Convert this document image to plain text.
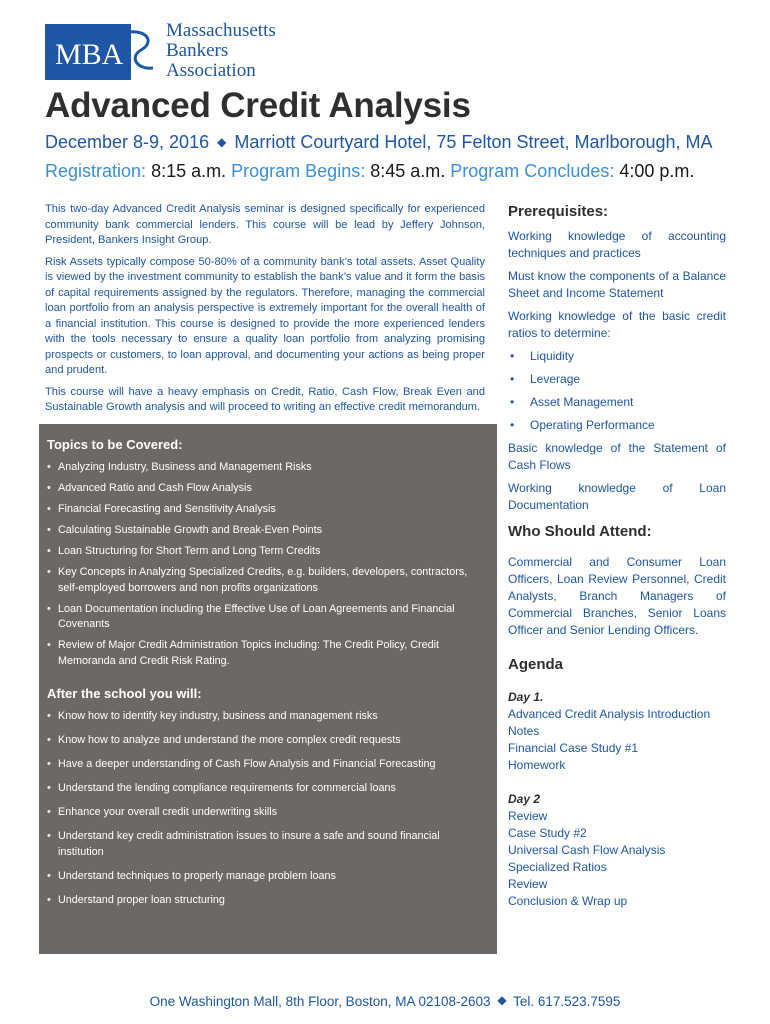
MBA
Massachusetts
Bankers
Association
Advanced Credit Analysis
December 8-9, 2016 ◆ Marriott Courtyard Hotel, 75 Felton Street, Marlborough, MA
Registration: 8:15 a.m. Program Begins: 8:45 a.m. Program Concludes: 4:00 p.m.

This two-day Advanced Credit Analysis seminar is designed specifically for experienced community bank commercial lenders. This course will be lead by Jeffery Johnson, President, Bankers Insight Group.

Risk Assets typically compose 50-80% of a community bank’s total assets. Asset Quality is viewed by the investment community to establish the bank’s value and it form the basis of capital requirements assigned by the regulators. Therefore, managing the commercial loan portfolio from an analysis perspective is extremely important for the overall health of a financial institution. This course is designed to provide the more experienced lenders with the tools necessary to ensure a quality loan portfolio from analyzing promising prospects or customers, to loan approval, and documenting your actions as being proper and prudent.

This course will have a heavy emphasis on Credit, Ratio, Cash Flow, Break Even and Sustainable Growth analysis and will proceed to writing an effective credit memorandum.

Topics to be Covered:
• Analyzing Industry, Business and Management Risks
• Advanced Ratio and Cash Flow Analysis
• Financial Forecasting and Sensitivity Analysis
• Calculating Sustainable Growth and Break-Even Points
• Loan Structuring for Short Term and Long Term Credits
• Key Concepts in Analyzing Specialized Credits, e.g. builders, developers, contractors, self-employed borrowers and non profits organizations
• Loan Documentation including the Effective Use of Loan Agreements and Financial Covenants
• Review of Major Credit Administration Topics including: The Credit Policy, Credit Memoranda and Credit Risk Rating.
After the school you will:
• Know how to identify key industry, business and management risks
• Know how to analyze and understand the more complex credit requests
• Have a deeper understanding of Cash Flow Analysis and Financial Forecasting
• Understand the lending compliance requirements for commercial loans
• Enhance your overall credit underwriting skills
• Understand key credit administration issues to insure a safe and sound financial institution
• Understand techniques to properly manage problem loans
• Understand proper loan structuring
Prerequisites:

Working knowledge of accounting techniques and practices

Must know the components of a Balance Sheet and Income Statement

Working knowledge of the basic credit ratios to determine:

• Liquidity
• Leverage
• Asset Management
• Operating Performance

Basic knowledge of the Statement of Cash Flows

Working knowledge of Loan Documentation

Who Should Attend:

Commercial and Consumer Loan Officers, Loan Review Personnel, Credit Analysts, Branch Managers of Commercial Branches, Senior Loans Officer and Senior Lending Officers.

Agenda
Day 1.
Advanced Credit Analysis Introduction
Notes
Financial Case Study #1
Homework
Day 2
Review
Case Study #2
Universal Cash Flow Analysis
Specialized Ratios
Review
Conclusion & Wrap up
One Washington Mall, 8th Floor, Boston, MA 02108-2603 ◆ Tel. 617.523.7595
